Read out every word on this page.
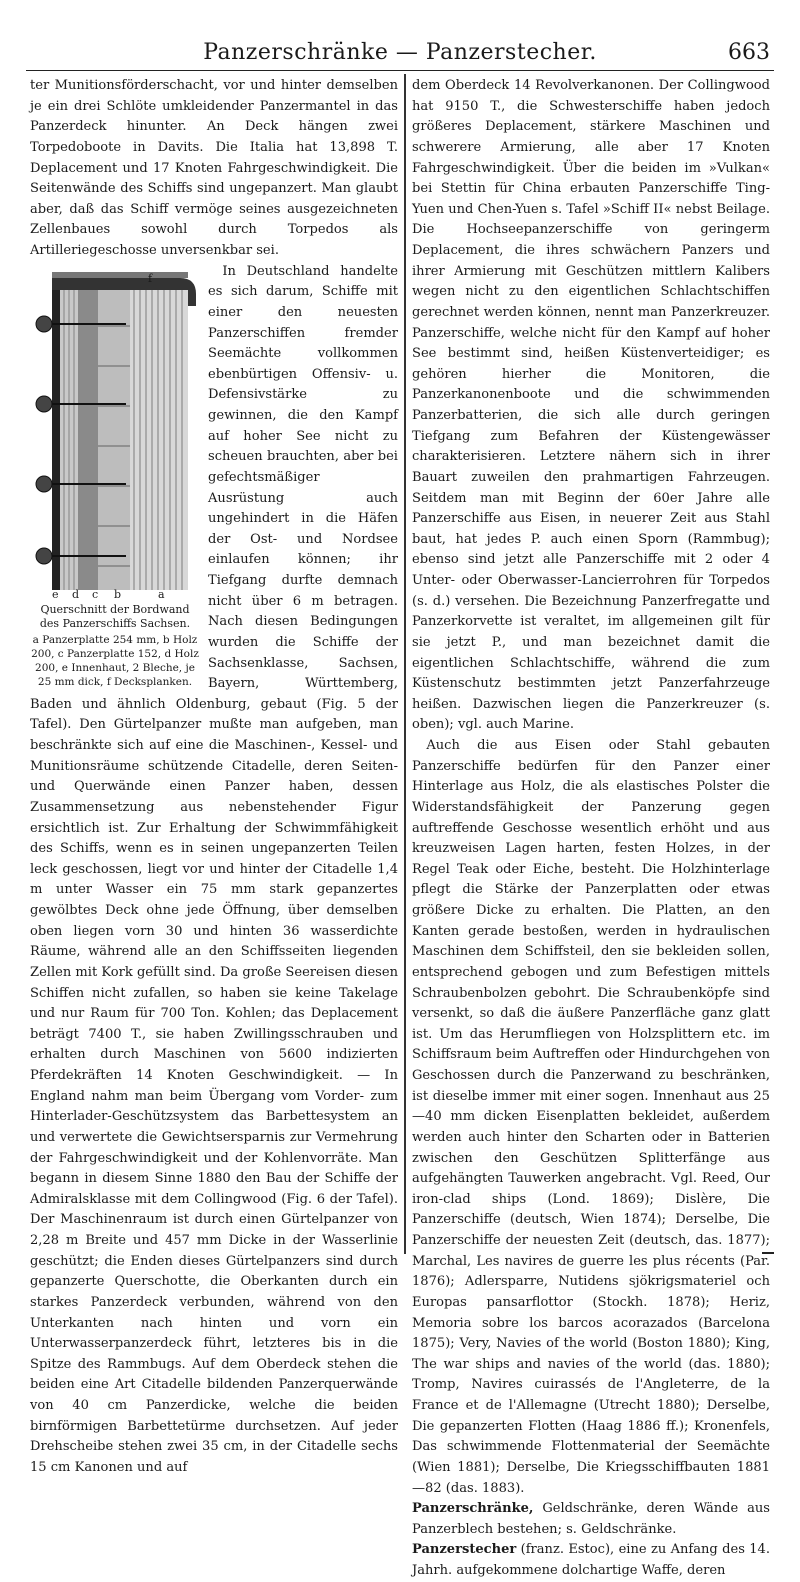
Panzerschränke — Panzerstecher.	663

ter Munitionsförderschacht, vor und hinter demselben je ein drei Schlöte umkleidender Panzermantel in das Panzerdeck hinunter. An Deck hängen zwei Torpedoboote in Davits. Die Italia hat 13,898 T. Deplacement und 17 Knoten Fahrgeschwindigkeit. Die Seitenwände des Schiffs sind ungepanzert. Man glaubt aber, daß das Schiff vermöge seines ausgezeichneten Zellenbaues sowohl durch Torpedos als Artilleriegeschosse unversenkbar sei.

e d c b	a
f
Querschnitt der Bordwand des Panzerschiffs Sachsen.
a Panzerplatte 254 mm, b Holz 200, c Panzerplatte 152, d Holz 200, e Innenhaut, 2 Bleche, je 25 mm dick, f Decksplanken.

In Deutschland handelte es sich darum, Schiffe mit einer den neuesten Panzerschiffen fremder Seemächte vollkommen ebenbürtigen Offensiv- u. Defensivstärke zu gewinnen, die den Kampf auf hoher See nicht zu scheuen brauchten, aber bei gefechtsmäßiger Ausrüstung auch ungehindert in die Häfen der Ost- und Nordsee einlaufen können; ihr Tiefgang durfte demnach nicht über 6 m betragen. Nach diesen Bedingungen wurden die Schiffe der Sachsenklasse, Sachsen, Bayern, Württemberg, Baden und ähnlich Oldenburg, gebaut (Fig. 5 der Tafel). Den Gürtelpanzer mußte man aufgeben, man beschränkte sich auf eine die Maschinen-, Kessel- und Munitionsräume schützende Citadelle, deren Seiten- und Querwände einen Panzer haben, dessen Zusammensetzung aus nebenstehender Figur ersichtlich ist. Zur Erhaltung der Schwimmfähigkeit des Schiffs, wenn es in seinen ungepanzerten Teilen leck geschossen, liegt vor und hinter der Citadelle 1,4 m unter Wasser ein 75 mm stark gepanzertes gewölbtes Deck ohne jede Öffnung, über demselben oben liegen vorn 30 und hinten 36 wasserdichte Räume, während alle an den Schiffsseiten liegenden Zellen mit Kork gefüllt sind. Da große Seereisen diesen Schiffen nicht zufallen, so haben sie keine Takelage und nur Raum für 700 Ton. Kohlen; das Deplacement beträgt 7400 T., sie haben Zwillingsschrauben und erhalten durch Maschinen von 5600 indizierten Pferdekräften 14 Knoten Geschwindigkeit. — In England nahm man beim Übergang vom Vorder- zum Hinterlader-Geschützsystem das Barbettesystem an und verwertete die Gewichtsersparnis zur Vermehrung der Fahrgeschwindigkeit und der Kohlenvorräte. Man begann in diesem Sinne 1880 den Bau der Schiffe der Admiralsklasse mit dem Collingwood (Fig. 6 der Tafel). Der Maschinenraum ist durch einen Gürtelpanzer von 2,28 m Breite und 457 mm Dicke in der Wasserlinie geschützt; die Enden dieses Gürtelpanzers sind durch gepanzerte Querschotte, die Oberkanten durch ein starkes Panzerdeck verbunden, während von den Unterkanten nach hinten und vorn ein Unterwasserpanzerdeck führt, letzteres bis in die Spitze des Rammbugs. Auf dem Oberdeck stehen die beiden eine Art Citadelle bildenden Panzerquerwände von 40 cm Panzerdicke, welche die beiden birnförmigen Barbettetürme durchsetzen. Auf jeder Drehscheibe stehen zwei 35 cm, in der Citadelle sechs 15 cm Kanonen und auf

dem Oberdeck 14 Revolverkanonen. Der Collingwood hat 9150 T., die Schwesterschiffe haben jedoch größeres Deplacement, stärkere Maschinen und schwerere Armierung, alle aber 17 Knoten Fahrgeschwindigkeit. Über die beiden im »Vulkan« bei Stettin für China erbauten Panzerschiffe Ting-Yuen und Chen-Yuen s. Tafel »Schiff II« nebst Beilage. Die Hochseepanzerschiffe von geringerm Deplacement, die ihres schwächern Panzers und ihrer Armierung mit Geschützen mittlern Kalibers wegen nicht zu den eigentlichen Schlachtschiffen gerechnet werden können, nennt man Panzerkreuzer. Panzerschiffe, welche nicht für den Kampf auf hoher See bestimmt sind, heißen Küstenverteidiger; es gehören hierher die Monitoren, die Panzerkanonenboote und die schwimmenden Panzerbatterien, die sich alle durch geringen Tiefgang zum Befahren der Küstengewässer charakterisieren. Letztere nähern sich in ihrer Bauart zuweilen den prahmartigen Fahrzeugen. Seitdem man mit Beginn der 60er Jahre alle Panzerschiffe aus Eisen, in neuerer Zeit aus Stahl baut, hat jedes P. auch einen Sporn (Rammbug); ebenso sind jetzt alle Panzerschiffe mit 2 oder 4 Unter- oder Oberwasser-Lancierrohren für Torpedos (s. d.) versehen. Die Bezeichnung Panzerfregatte und Panzerkorvette ist veraltet, im allgemeinen gilt für sie jetzt P., und man bezeichnet damit die eigentlichen Schlachtschiffe, während die zum Küstenschutz bestimmten jetzt Panzerfahrzeuge heißen. Dazwischen liegen die Panzerkreuzer (s. oben); vgl. auch Marine.

Auch die aus Eisen oder Stahl gebauten Panzerschiffe bedürfen für den Panzer einer Hinterlage aus Holz, die als elastisches Polster die Widerstandsfähigkeit der Panzerung gegen auftreffende Geschosse wesentlich erhöht und aus kreuzweisen Lagen harten, festen Holzes, in der Regel Teak oder Eiche, besteht. Die Holzhinterlage pflegt die Stärke der Panzerplatten oder etwas größere Dicke zu erhalten. Die Platten, an den Kanten gerade bestoßen, werden in hydraulischen Maschinen dem Schiffsteil, den sie bekleiden sollen, entsprechend gebogen und zum Befestigen mittels Schraubenbolzen gebohrt. Die Schraubenköpfe sind versenkt, so daß die äußere Panzerfläche ganz glatt ist. Um das Herumfliegen von Holzsplittern etc. im Schiffsraum beim Auftreffen oder Hindurchgehen von Geschossen durch die Panzerwand zu beschränken, ist dieselbe immer mit einer sogen. Innenhaut aus 25—40 mm dicken Eisenplatten bekleidet, außerdem werden auch hinter den Scharten oder in Batterien zwischen den Geschützen Splitterfänge aus aufgehängten Tauwerken angebracht. Vgl. Reed, Our iron-clad ships (Lond. 1869); Dislère, Die Panzerschiffe (deutsch, Wien 1874); Derselbe, Die Panzerschiffe der neuesten Zeit (deutsch, das. 1877); Marchal, Les navires de guerre les plus récents (Par. 1876); Adlersparre, Nutidens sjökrigsmateriel och Europas pansarflottor (Stockh. 1878); Heriz, Memoria sobre los barcos acorazados (Barcelona 1875); Very, Navies of the world (Boston 1880); King, The war ships and navies of the world (das. 1880); Tromp, Navires cuirassés de l'Angleterre, de la France et de l'Allemagne (Utrecht 1880); Derselbe, Die gepanzerten Flotten (Haag 1886 ff.); Kronenfels, Das schwimmende Flottenmaterial der Seemächte (Wien 1881); Derselbe, Die Kriegsschiffbauten 1881—82 (das. 1883).

Panzerschränke, Geldschränke, deren Wände aus Panzerblech bestehen; s. Geldschränke.

Panzerstecher (franz. Estoc), eine zu Anfang des 14. Jahrh. aufgekommene dolchartige Waffe, deren
